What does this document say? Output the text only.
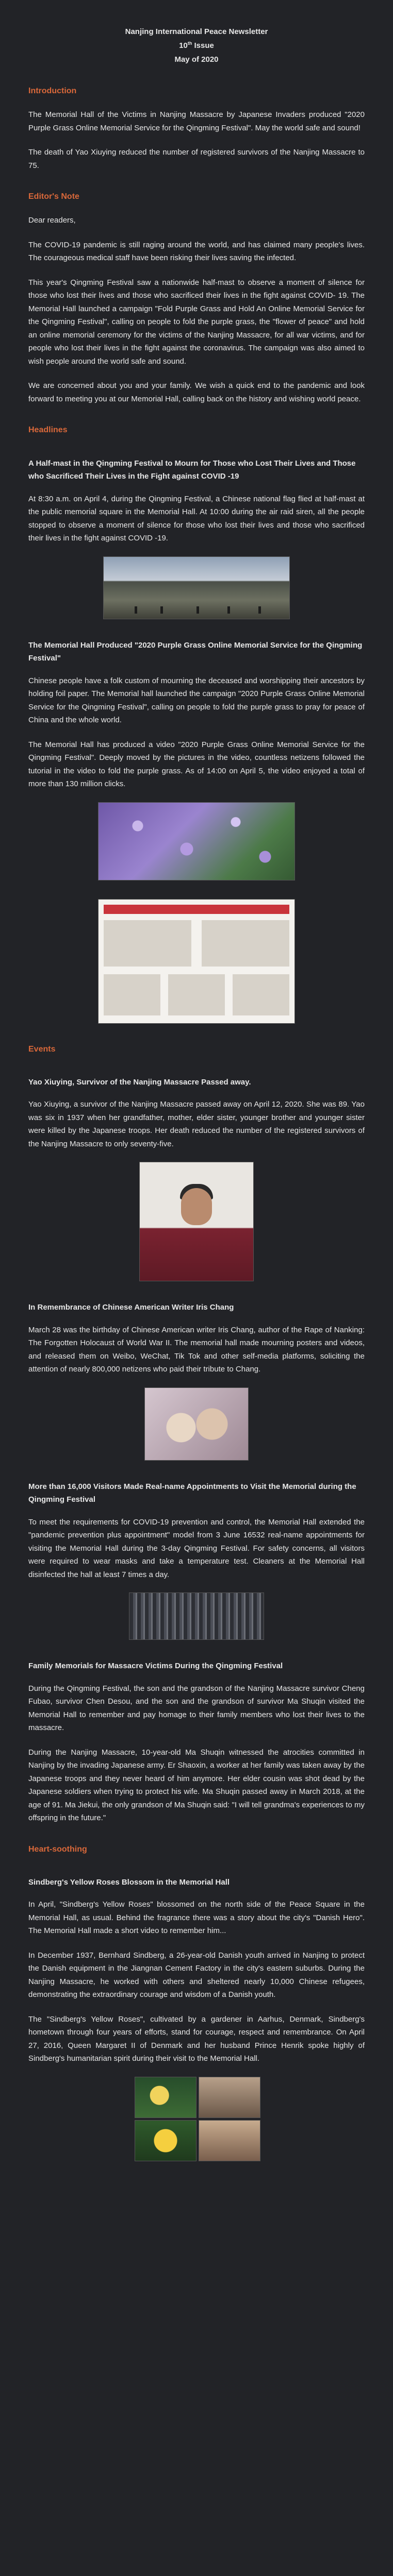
Nanjing International Peace Newsletter
10th Issue
May of 2020
Introduction

The Memorial Hall of the Victims in Nanjing Massacre by Japanese Invaders produced "2020 Purple Grass Online Memorial Service for the Qingming Festival". May the world safe and sound!

The death of Yao Xiuying reduced the number of registered survivors of the Nanjing Massacre to 75.

Editor's Note

Dear readers,

The COVID-19 pandemic is still raging around the world, and has claimed many people's lives. The courageous medical staff have been risking their lives saving the infected.

This year's Qingming Festival saw a nationwide half-mast to observe a moment of silence for those who lost their lives and those who sacrificed their lives in the fight against COVID- 19. The Memorial Hall launched a campaign "Fold Purple Grass and Hold An Online Memorial Service for the Qingming Festival", calling on people to fold the purple grass, the "flower of peace" and hold an online memorial ceremony for the victims of the Nanjing Massacre, for all war victims, and for people who lost their lives in the fight against the coronavirus. The campaign was also aimed to wish people around the world safe and sound.

We are concerned about you and your family. We wish a quick end to the pandemic and look forward to meeting you at our Memorial Hall, calling back on the history and wishing world peace.

Headlines
A Half-mast in the Qingming Festival to Mourn for Those who Lost Their Lives and Those who Sacrificed Their Lives in the Fight against COVID -19

At 8:30 a.m. on April 4, during the Qingming Festival, a Chinese national flag flied at half-mast at the public memorial square in the Memorial Hall. At 10:00 during the air raid siren, all the people stopped to observe a moment of silence for those who lost their lives and those who sacrificed their lives in the fight against COVID -19.

The Memorial Hall Produced "2020 Purple Grass Online Memorial Service for the Qingming Festival"

Chinese people have a folk custom of mourning the deceased and worshipping their ancestors by holding foil paper. The Memorial hall launched the campaign "2020 Purple Grass Online Memorial Service for the Qingming Festival", calling on people to fold the purple grass to pray for peace of China and the whole world.

The Memorial Hall has produced a video "2020 Purple Grass Online Memorial Service for the Qingming Festival". Deeply moved by the pictures in the video, countless netizens followed the tutorial in the video to fold the purple grass. As of 14:00 on April 5, the video enjoyed a total of more than 130 million clicks.

Events
Yao Xiuying, Survivor of the Nanjing Massacre Passed away.

Yao Xiuying, a survivor of the Nanjing Massacre passed away on April 12, 2020. She was 89. Yao was six in 1937 when her grandfather, mother, elder sister, younger brother and younger sister were killed by the Japanese troops. Her death reduced the number of the registered survivors of the Nanjing Massacre to only seventy-five.

In Remembrance of Chinese American Writer Iris Chang

March 28 was the birthday of Chinese American writer Iris Chang, author of the Rape of Nanking: The Forgotten Holocaust of World War II. The memorial hall made mourning posters and videos, and released them on Weibo, WeChat, Tik Tok and other self-media platforms, soliciting the attention of nearly 800,000 netizens who paid their tribute to Chang.

More than 16,000 Visitors Made Real-name Appointments to Visit the Memorial during the Qingming Festival

To meet the requirements for COVID-19 prevention and control, the Memorial Hall extended the "pandemic prevention plus appointment" model from 3 June 16532 real-name appointments for visiting the Memorial Hall during the 3-day Qingming Festival. For safety concerns, all visitors were required to wear masks and take a temperature test. Cleaners at the Memorial Hall disinfected the hall at least 7 times a day.

Family Memorials for Massacre Victims During the Qingming Festival

During the Qingming Festival, the son and the grandson of the Nanjing Massacre survivor Cheng Fubao, survivor Chen Desou, and the son and the grandson of survivor Ma Shuqin visited the Memorial Hall to remember and pay homage to their family members who lost their lives to the massacre.

During the Nanjing Massacre, 10-year-old Ma Shuqin witnessed the atrocities committed in Nanjing by the invading Japanese army. Er Shaoxin, a worker at her family was taken away by the Japanese troops and they never heard of him anymore. Her elder cousin was shot dead by the Japanese soldiers when trying to protect his wife. Ma Shuqin passed away in March 2018, at the age of 91. Ma Jiekui, the only grandson of Ma Shuqin said: "I will tell grandma's experiences to my offspring in the future."

Heart-soothing
Sindberg's Yellow Roses Blossom in the Memorial Hall

In April, "Sindberg's Yellow Roses" blossomed on the north side of the Peace Square in the Memorial Hall, as usual. Behind the fragrance there was a story about the city's "Danish Hero". The Memorial Hall made a short video to remember him...

In December 1937, Bernhard Sindberg, a 26-year-old Danish youth arrived in Nanjing to protect the Danish equipment in the Jiangnan Cement Factory in the city's eastern suburbs. During the Nanjing Massacre, he worked with others and sheltered nearly 10,000 Chinese refugees, demonstrating the extraordinary courage and wisdom of a Danish youth.

The "Sindberg's Yellow Roses", cultivated by a gardener in Aarhus, Denmark, Sindberg's hometown through four years of efforts, stand for courage, respect and remembrance. On April 27, 2016, Queen Margaret II of Denmark and her husband Prince Henrik spoke highly of Sindberg's humanitarian spirit during their visit to the Memorial Hall.
